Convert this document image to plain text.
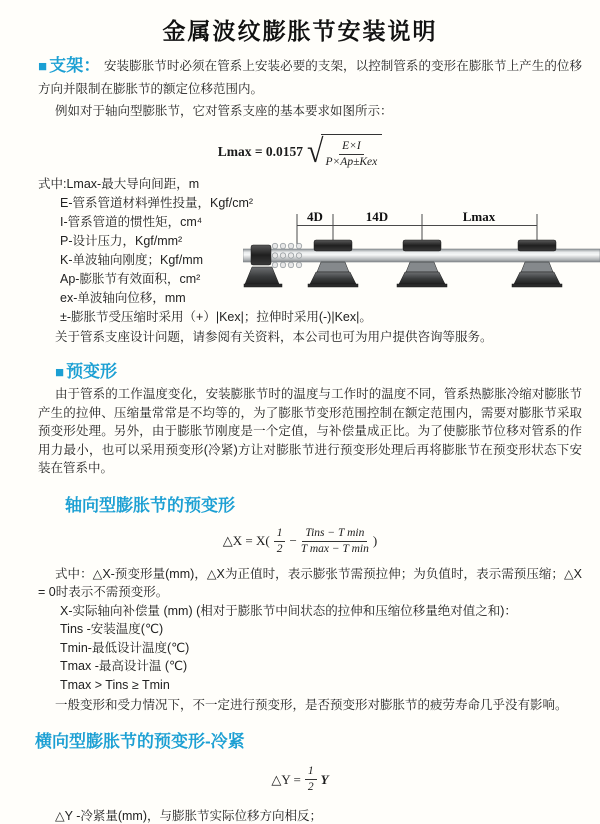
金属波纹膨胀节安装说明
■ 支架： 安装膨胀节时必须在管系上安装必要的支架，以控制管系的变形在膨胀节上产生的位移方向并限制在膨胀节的额定位移范围内。
例如对于轴向型膨胀节，它对管系支座的基本要求如图所示：
Lmax = 0.0157 √ $\frac{E\times I}{\text{P×Ap±Kex}}$
式中:Lmax-最大导向间距，m
E-管系管道材料弹性投量，Kgf/cm²
I-管系管道的惯性矩，cm⁴
P-设计压力，Kgf/mm²
K-单波轴向刚度；Kgf/mm
Ap-膨胀节有效面积，cm²
ex-单波轴向位移，mm
±-膨胀节受压缩时采用（+）|Kex|；拉伸时采用(-)|Kex|。
关于管系支座设计问题，请参阅有关资料，本公司也可为用户提供咨询等服务。
4D	14D	Lmax
■ 预变形
由于管系的工作温度变化，安装膨胀节时的温度与工作时的温度不同，管系热膨胀冷缩对膨胀节产生的拉伸、压缩量常常是不均等的，为了膨胀节变形范围控制在额定范围内，需要对膨胀节采取预变形处理。另外，由于膨胀节刚度是一个定值，与补偿量成正比。为了使膨胀节位移对管系的作用力最小，也可以采用预变形(冷紧)方让对膨胀节进行预变形处理后再将膨胀节在预变形状态下安装在管系中。
轴向型膨胀节的预变形
△X = $X( \frac{1}{2} - \frac{\text{Tins − T min}}{\text{T max − T min}}$ )
式中：△X-预变形量(mm)，△X为正值时，表示膨张节需预拉伸；为负值时，表示需预压缩；△X = 0时表示不需预变形。
X-实际轴向补偿量 (mm) (相对于膨胀节中间状态的拉伸和压缩位移量绝对值之和)：
Tins -安装温度(℃)
Tmin-最低设计温度(℃)
Tmax -最高设计温 (℃)
Tmax > Tins ≥ Tmin
一般变形和受力情况下，不一定进行预变形，是否预变形对膨胀节的疲劳寿命几乎没有影响。
横向型膨胀节的预变形-冷紧
△Y = $\frac{1}{2}$ Y
△Y -冷紧量(mm)，与膨胀节实际位移方向相反；
